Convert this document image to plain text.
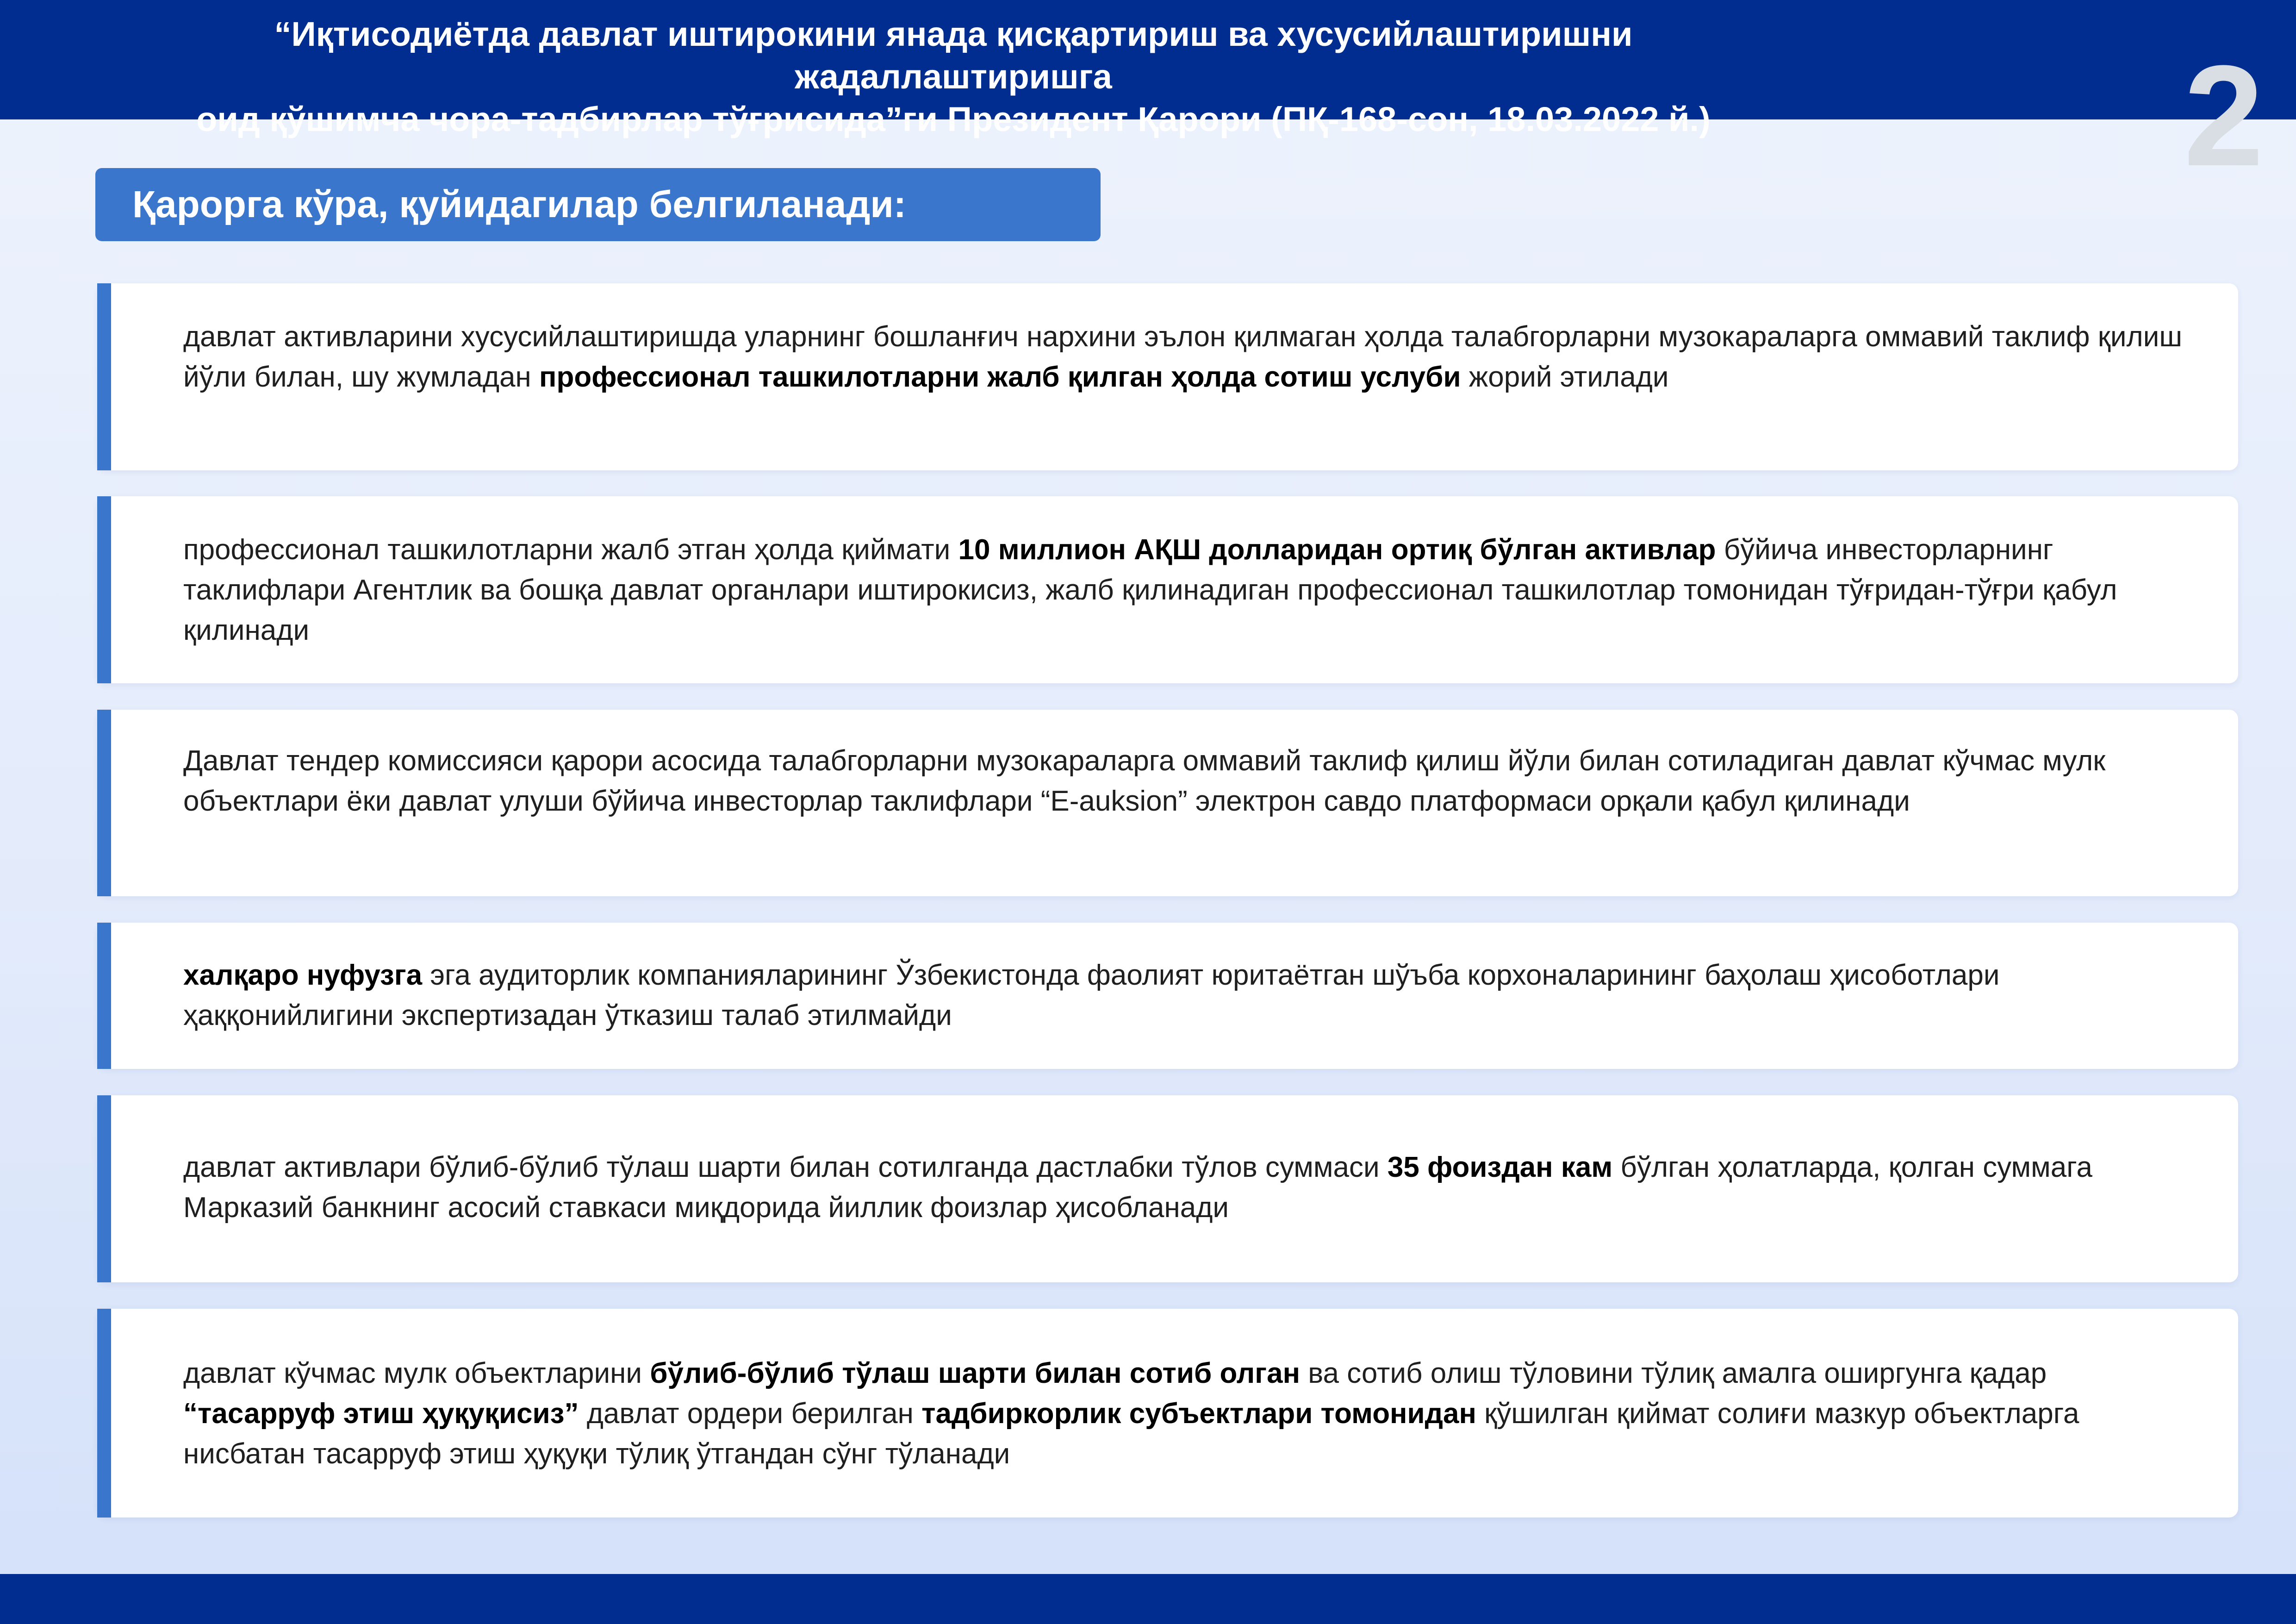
“Иқтисодиётда давлат иштирокини янада қисқартириш ва хусусийлаштиришни жадаллаштиришга
оид қўшимча чора-тадбирлар тўғрисида”ги Президент Қарори (ПҚ-168-сон, 18.03.2022 й.)	2
Қарорга кўра, қуйидагилар белгиланади:
давлат активларини хусусийлаштиришда уларнинг бошланғич нархини эълон қилмаган ҳолда талабгорларни музокараларга оммавий таклиф қилиш йўли билан, шу жумладан профессионал ташкилотларни жалб қилган ҳолда сотиш услуби жорий этилади
профессионал ташкилотларни жалб этган ҳолда қиймати 10 миллион АҚШ долларидан ортиқ бўлган активлар бўйича инвесторларнинг таклифлари Агентлик ва бошқа давлат органлари иштирокисиз, жалб қилинадиган профессионал ташкилотлар томонидан тўғридан-тўғри қабул қилинади
Давлат тендер комиссияси қарори асосида талабгорларни музокараларга оммавий таклиф қилиш йўли билан сотиладиган давлат кўчмас мулк объектлари ёки давлат улуши бўйича инвесторлар таклифлари “E-auksion” электрон савдо платформаси орқали қабул қилинади
халқаро нуфузга эга аудиторлик компанияларининг Ўзбекистонда фаолият юритаётган шўъба корхоналарининг баҳолаш ҳисоботлари ҳаққонийлигини экспертизадан ўтказиш талаб этилмайди
давлат активлари бўлиб-бўлиб тўлаш шарти билан сотилганда дастлабки тўлов суммаси 35 фоиздан кам бўлган ҳолатларда, қолган суммага Марказий банкнинг асосий ставкаси миқдорида йиллик фоизлар ҳисобланади
давлат кўчмас мулк объектларини бўлиб-бўлиб тўлаш шарти билан сотиб олган ва сотиб олиш тўловини тўлиқ амалга оширгунга қадар “тасарруф этиш ҳуқуқисиз” давлат ордери берилган тадбиркорлик субъектлари томонидан қўшилган қиймат солиғи мазкур объектларга нисбатан тасарруф этиш ҳуқуқи тўлиқ ўтгандан сўнг тўланади
